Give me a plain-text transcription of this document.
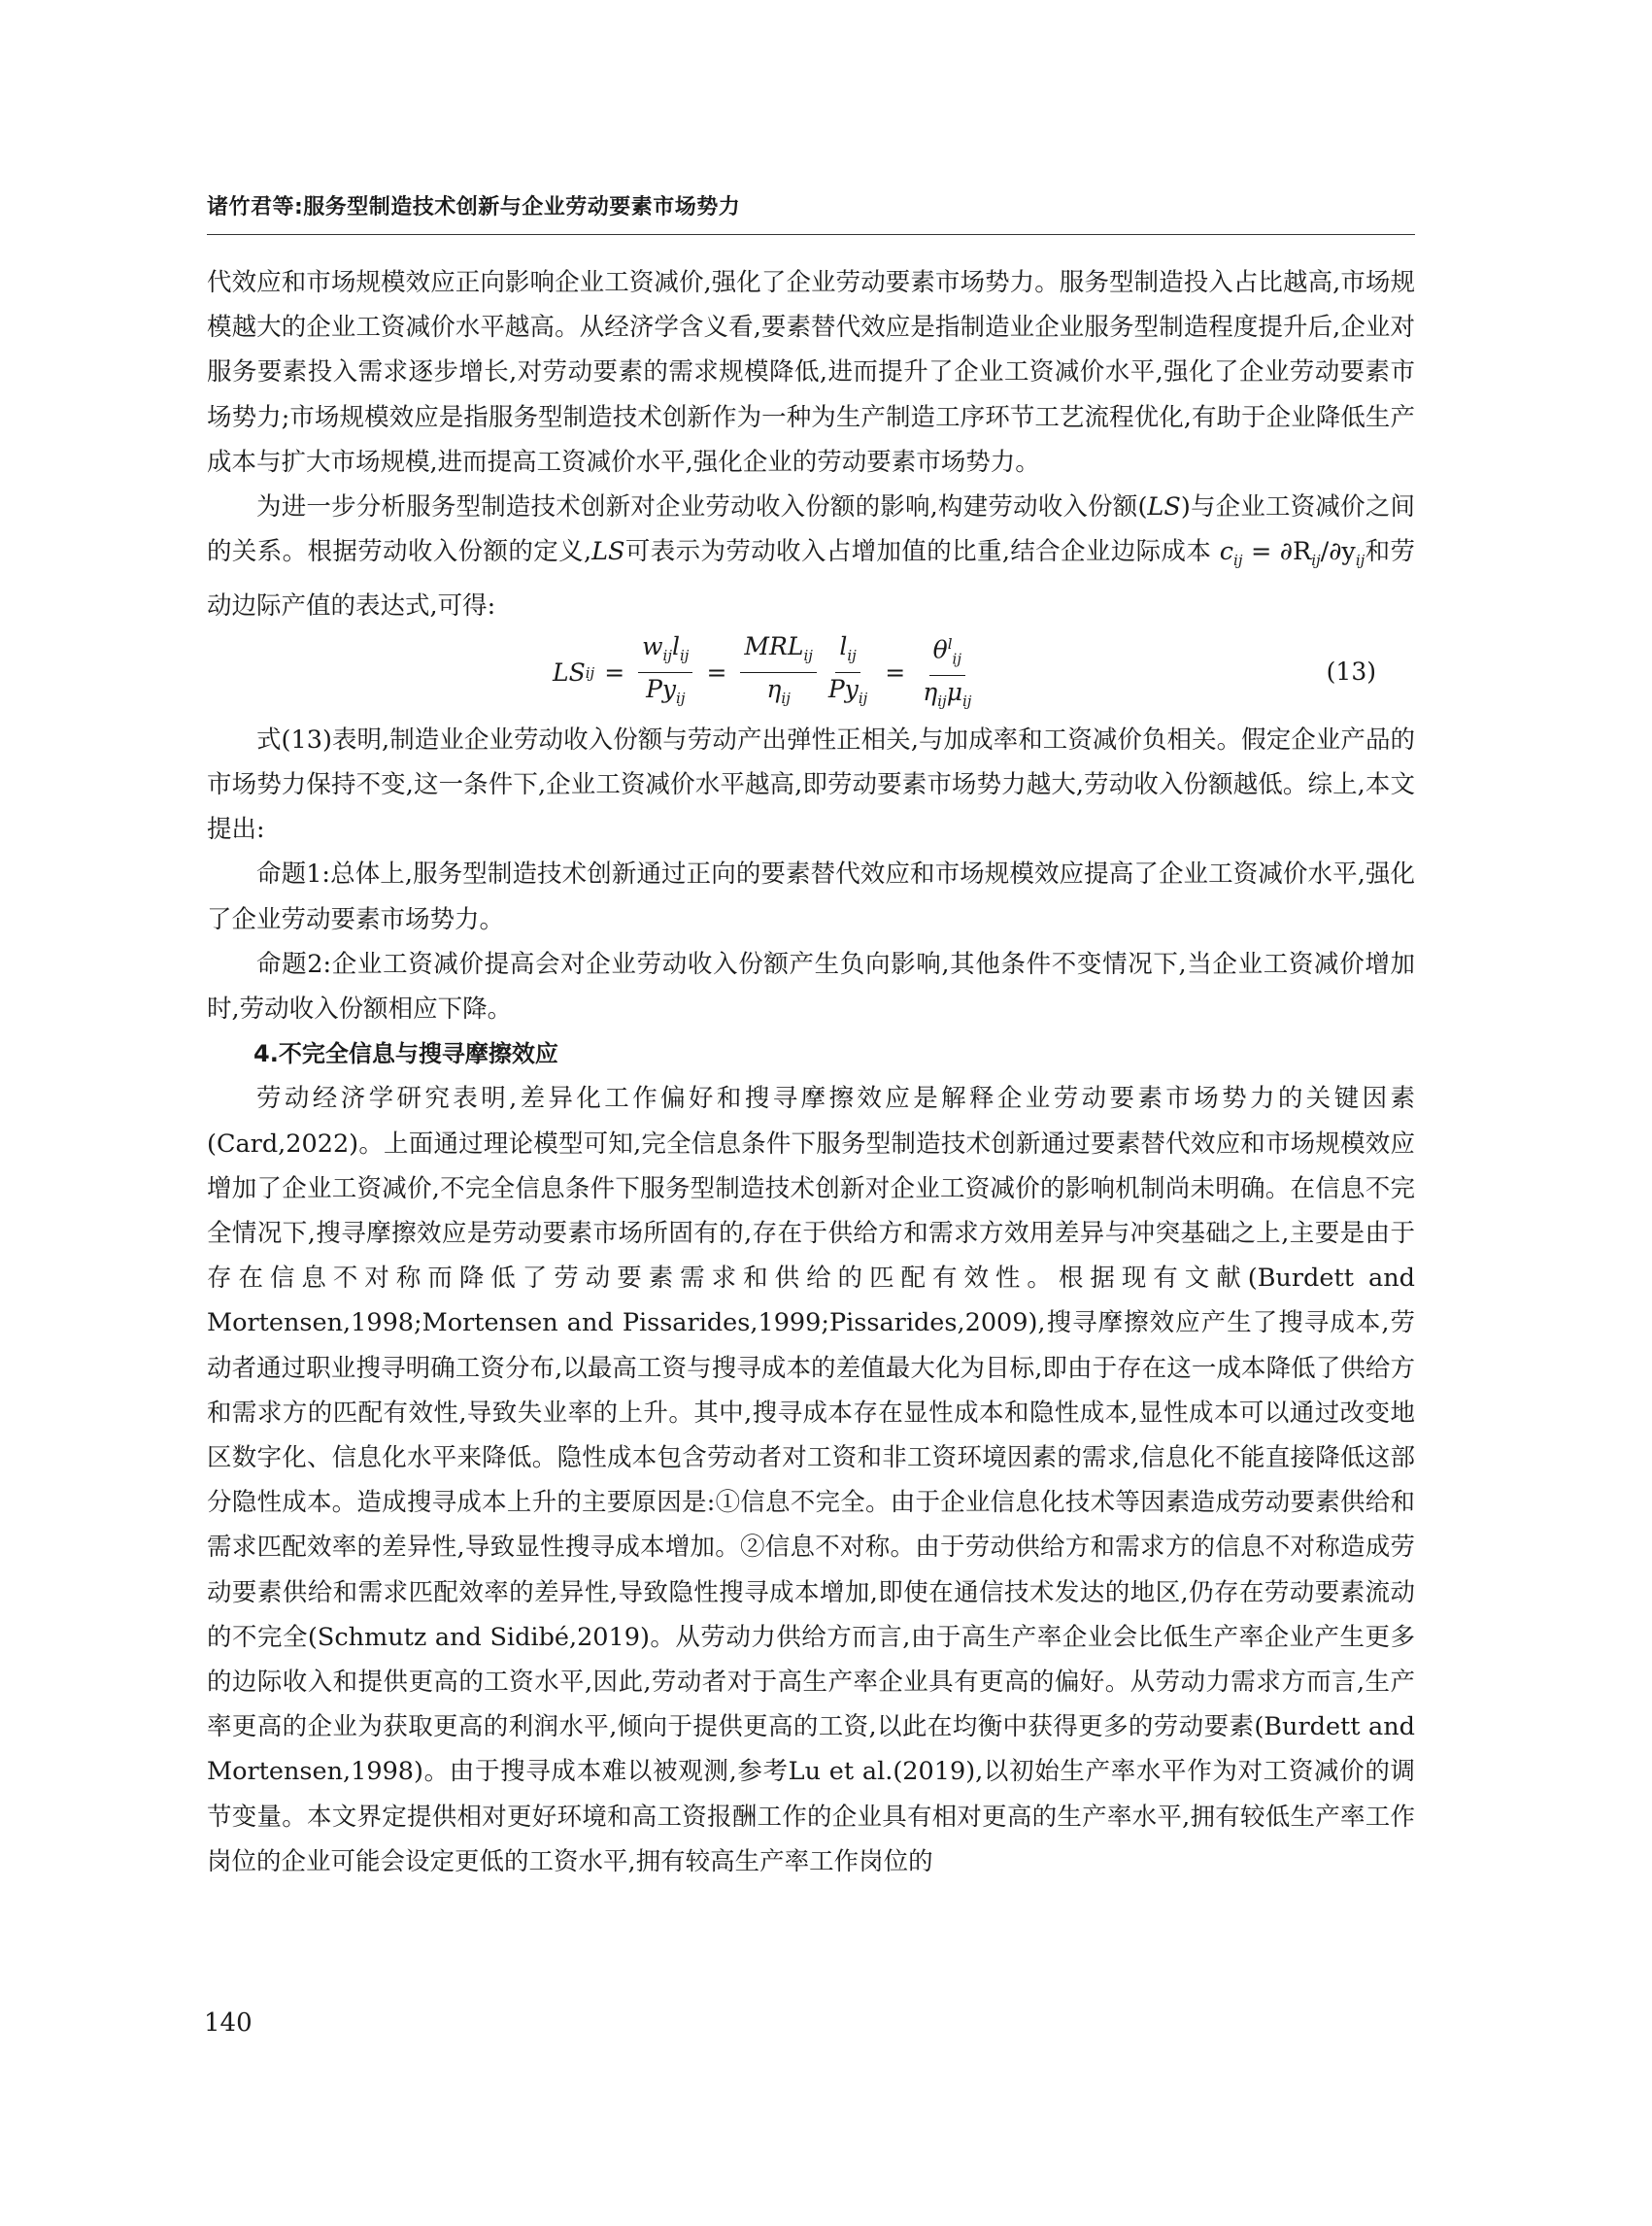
诸竹君等:服务型制造技术创新与企业劳动要素市场势力

代效应和市场规模效应正向影响企业工资减价,强化了企业劳动要素市场势力。服务型制造投入占比越高,市场规模越大的企业工资减价水平越高。从经济学含义看,要素替代效应是指制造业企业服务型制造程度提升后,企业对服务要素投入需求逐步增长,对劳动要素的需求规模降低,进而提升了企业工资减价水平,强化了企业劳动要素市场势力;市场规模效应是指服务型制造技术创新作为一种为生产制造工序环节工艺流程优化,有助于企业降低生产成本与扩大市场规模,进而提高工资减价水平,强化企业的劳动要素市场势力。

为进一步分析服务型制造技术创新对企业劳动收入份额的影响,构建劳动收入份额(LS)与企业工资减价之间的关系。根据劳动收入份额的定义,LS可表示为劳动收入占增加值的比重,结合企业边际成本 $c_{ij} = \partial R_{ij}/\partial y_{ij}$和劳动边际产值的表达式,可得:

LS ij = $\frac{w_{ij}l_{ij}}{Py_{ij}} = \frac{MRL_{ij}}{\eta_{ij}} \frac{l_{ij}}{Py_{ij}} = \frac{\theta^l_{ij}}{\eta_{ij}\mu_{ij}}$	(13)

式(13)表明,制造业企业劳动收入份额与劳动产出弹性正相关,与加成率和工资减价负相关。假定企业产品的市场势力保持不变,这一条件下,企业工资减价水平越高,即劳动要素市场势力越大,劳动收入份额越低。综上,本文提出:

命题1:总体上,服务型制造技术创新通过正向的要素替代效应和市场规模效应提高了企业工资减价水平,强化了企业劳动要素市场势力。

命题2:企业工资减价提高会对企业劳动收入份额产生负向影响,其他条件不变情况下,当企业工资减价增加时,劳动收入份额相应下降。

4.不完全信息与搜寻摩擦效应

劳动经济学研究表明,差异化工作偏好和搜寻摩擦效应是解释企业劳动要素市场势力的关键因素(Card,2022)。上面通过理论模型可知,完全信息条件下服务型制造技术创新通过要素替代效应和市场规模效应增加了企业工资减价,不完全信息条件下服务型制造技术创新对企业工资减价的影响机制尚未明确。在信息不完全情况下,搜寻摩擦效应是劳动要素市场所固有的,存在于供给方和需求方效用差异与冲突基础之上,主要是由于存在信息不对称而降低了劳动要素需求和供给的匹配有效性。根据现有文献(Burdett and Mortensen,1998;Mortensen and Pissarides,1999;Pissarides,2009),搜寻摩擦效应产生了搜寻成本,劳动者通过职业搜寻明确工资分布,以最高工资与搜寻成本的差值最大化为目标,即由于存在这一成本降低了供给方和需求方的匹配有效性,导致失业率的上升。其中,搜寻成本存在显性成本和隐性成本,显性成本可以通过改变地区数字化、信息化水平来降低。隐性成本包含劳动者对工资和非工资环境因素的需求,信息化不能直接降低这部分隐性成本。造成搜寻成本上升的主要原因是:①信息不完全。由于企业信息化技术等因素造成劳动要素供给和需求匹配效率的差异性,导致显性搜寻成本增加。②信息不对称。由于劳动供给方和需求方的信息不对称造成劳动要素供给和需求匹配效率的差异性,导致隐性搜寻成本增加,即使在通信技术发达的地区,仍存在劳动要素流动的不完全(Schmutz and Sidibé,2019)。从劳动力供给方而言,由于高生产率企业会比低生产率企业产生更多的边际收入和提供更高的工资水平,因此,劳动者对于高生产率企业具有更高的偏好。从劳动力需求方而言,生产率更高的企业为获取更高的利润水平,倾向于提供更高的工资,以此在均衡中获得更多的劳动要素(Burdett and Mortensen,1998)。由于搜寻成本难以被观测,参考Lu et al.(2019),以初始生产率水平作为对工资减价的调节变量。本文界定提供相对更好环境和高工资报酬工作的企业具有相对更高的生产率水平,拥有较低生产率工作岗位的企业可能会设定更低的工资水平,拥有较高生产率工作岗位的

140
